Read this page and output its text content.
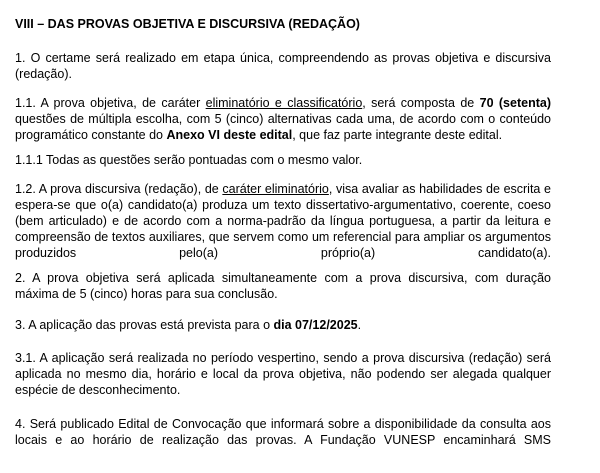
VIII – DAS PROVAS OBJETIVA E DISCURSIVA (REDAÇÃO)

1. O certame será realizado em etapa única, compreendendo as provas objetiva e discursiva (redação).

1.1. A prova objetiva, de caráter eliminatório e classificatório, será composta de 70 (setenta) questões de múltipla escolha, com 5 (cinco) alternativas cada uma, de acordo com o conteúdo programático constante do Anexo VI deste edital, que faz parte integrante deste edital.

1.1.1 Todas as questões serão pontuadas com o mesmo valor.

1.2. A prova discursiva (redação), de caráter eliminatório, visa avaliar as habilidades de escrita e espera-se que o(a) candidato(a) produza um texto dissertativo-argumentativo, coerente, coeso (bem articulado) e de acordo com a norma-padrão da língua portuguesa, a partir da leitura e compreensão de textos auxiliares, que servem como um referencial para ampliar os argumentos produzidos pelo(a) próprio(a) candidato(a).

2. A prova objetiva será aplicada simultaneamente com a prova discursiva, com duração máxima de 5 (cinco) horas para sua conclusão.

3. A aplicação das provas está prevista para o dia 07/12/2025.

3.1. A aplicação será realizada no período vespertino, sendo a prova discursiva (redação) será aplicada no mesmo dia, horário e local da prova objetiva, não podendo ser alegada qualquer espécie de desconhecimento.

4. Será publicado Edital de Convocação que informará sobre a disponibilidade da consulta aos locais e ao horário de realização das provas. A Fundação VUNESP encaminhará SMS
